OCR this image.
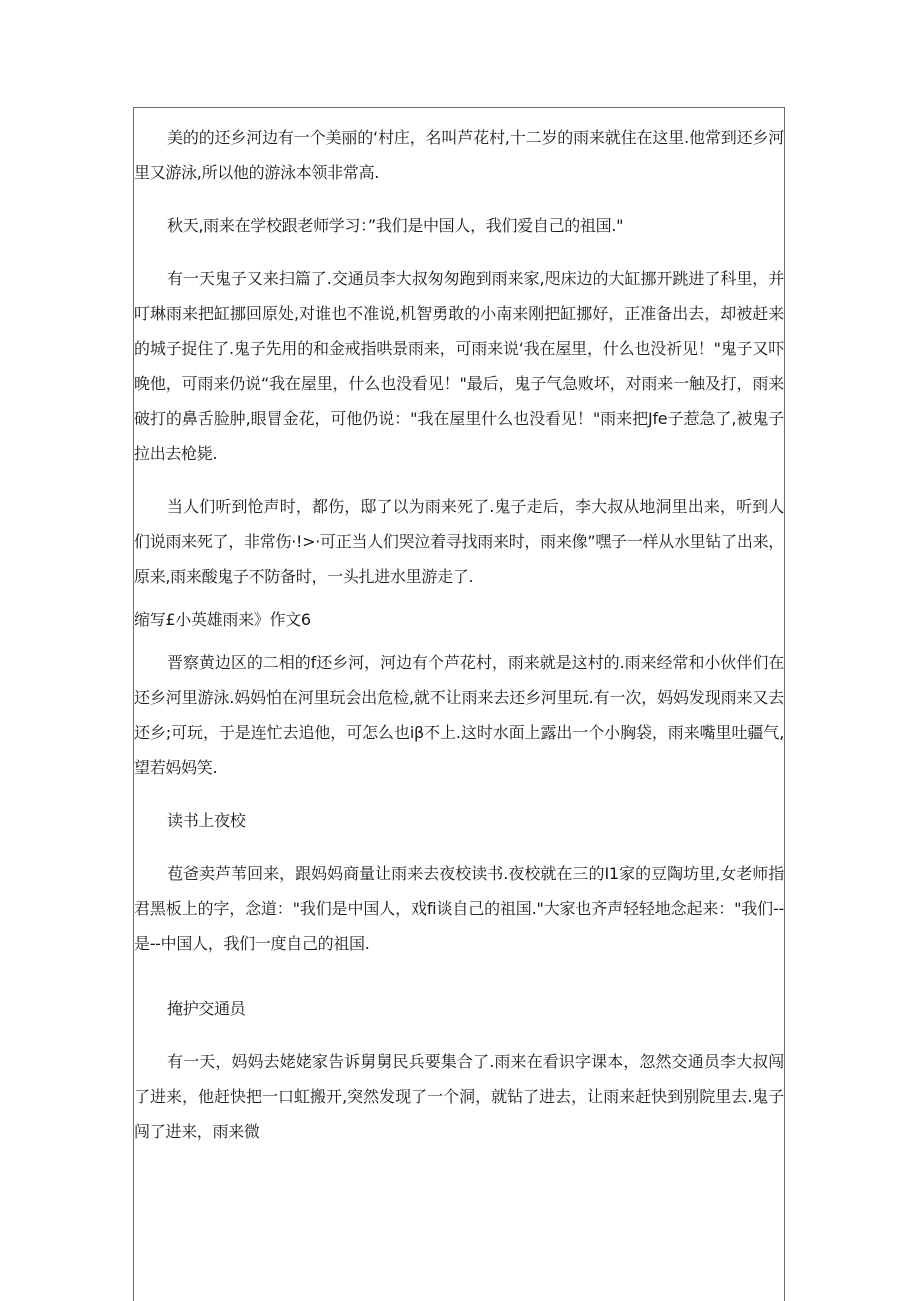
美的的还乡河边有一个美丽的‘村庄，名叫芦花村,十二岁的雨来就住在这里.他常到还乡河里又游泳,所以他的游泳本领非常高.

秋天,雨来在学校跟老师学习：”我们是中国人，我们爱自己的祖国."

有一天鬼子又来扫篇了.交通员李大叔匆匆跑到雨来家,咫床边的大缸挪开跳进了科里，并叮琳雨来把缸挪回原处,对谁也不准说,机智勇敢的小南来刚把缸挪好，正准备出去，却被赶来的城子捉住了.鬼子先用的和金戒指哄景雨来，可雨来说‘我在屋里，什么也没祈见！"鬼子又吓晚他，可雨来仍说“我在屋里，什么也没看见！"最后，鬼子气急败坏，对雨来一触及打，雨来破打的鼻舌脸肿,眼冒金花，可他仍说："我在屋里什么也没看见！"雨来把Jfe子惹急了,被鬼子拉出去枪毙.

当人们听到怆声时，都伤，邸了以为雨来死了.鬼子走后，李大叔从地洞里出来，听到人们说雨来死了，非常伤·!>·可正当人们哭泣着寻找雨来时，雨来像”嘿子一样从水里钻了出来，原来,雨来酸鬼子不防备时，一头扎进水里游走了.

缩写£小英雄雨来》作文6

晋察黄边区的二相的f还乡河，河边有个芦花村，雨来就是这村的.雨来经常和小伙伴们在还乡河里游泳.妈妈怕在河里玩会出危检,就不让雨来去还乡河里玩.有一次，妈妈发现雨来又去还乡;可玩，于是连忙去追他，可怎么也iβ不上.这时水面上露出一个小胸袋，雨来嘴里吐疆气,望若妈妈笑.

读书上夜校

苞爸卖芦苇回来，跟妈妈商量让雨来去夜校读书.夜校就在三的I1家的豆陶坊里,女老师指君黑板上的字，念道："我们是中国人，戏fi谈自己的祖国."大家也齐声轻轻地念起来："我们--是--中国人，我们一度自己的祖国.

掩护交通员

有一天，妈妈去姥姥家告诉舅舅民兵要集合了.雨来在看识字课本，忽然交通员李大叔闯了进来，他赶快把一口虹搬开,突然发现了一个洞，就钻了进去，让雨来赶快到别院里去.鬼子闯了进来，雨来微
